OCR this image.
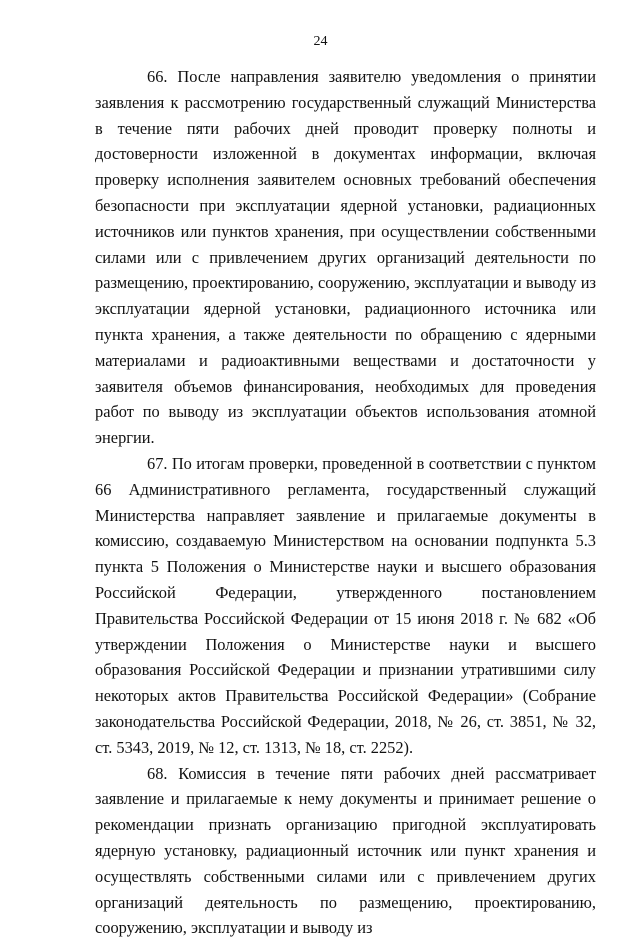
24

66. После направления заявителю уведомления о принятии заявления к рассмотрению государственный служащий Министерства в течение пяти рабочих дней проводит проверку полноты и достоверности изложенной в документах информации, включая проверку исполнения заявителем основных требований обеспечения безопасности при эксплуатации ядерной установки, радиационных источников или пунктов хранения, при осуществлении собственными силами или с привлечением других организаций деятельности по размещению, проектированию, сооружению, эксплуатации и выводу из эксплуатации ядерной установки, радиационного источника или пункта хранения, а также деятельности по обращению с ядерными материалами и радиоактивными веществами и достаточности у заявителя объемов финансирования, необходимых для проведения работ по выводу из эксплуатации объектов использования атомной энергии.

67. По итогам проверки, проведенной в соответствии с пунктом 66 Административного регламента, государственный служащий Министерства направляет заявление и прилагаемые документы в комиссию, создаваемую Министерством на основании подпункта 5.3 пункта 5 Положения о Министерстве науки и высшего образования Российской Федерации, утвержденного постановлением Правительства Российской Федерации от 15 июня 2018 г. № 682 «Об утверждении Положения о Министерстве науки и высшего образования Российской Федерации и признании утратившими силу некоторых актов Правительства Российской Федерации» (Собрание законодательства Российской Федерации, 2018, № 26, ст. 3851, № 32, ст. 5343, 2019, № 12, ст. 1313, № 18, ст. 2252).

68. Комиссия в течение пяти рабочих дней рассматривает заявление и прилагаемые к нему документы и принимает решение о рекомендации признать организацию пригодной эксплуатировать ядерную установку, радиационный источник или пункт хранения и осуществлять собственными силами или с привлечением других организаций деятельность по размещению, проектированию, сооружению, эксплуатации и выводу из
